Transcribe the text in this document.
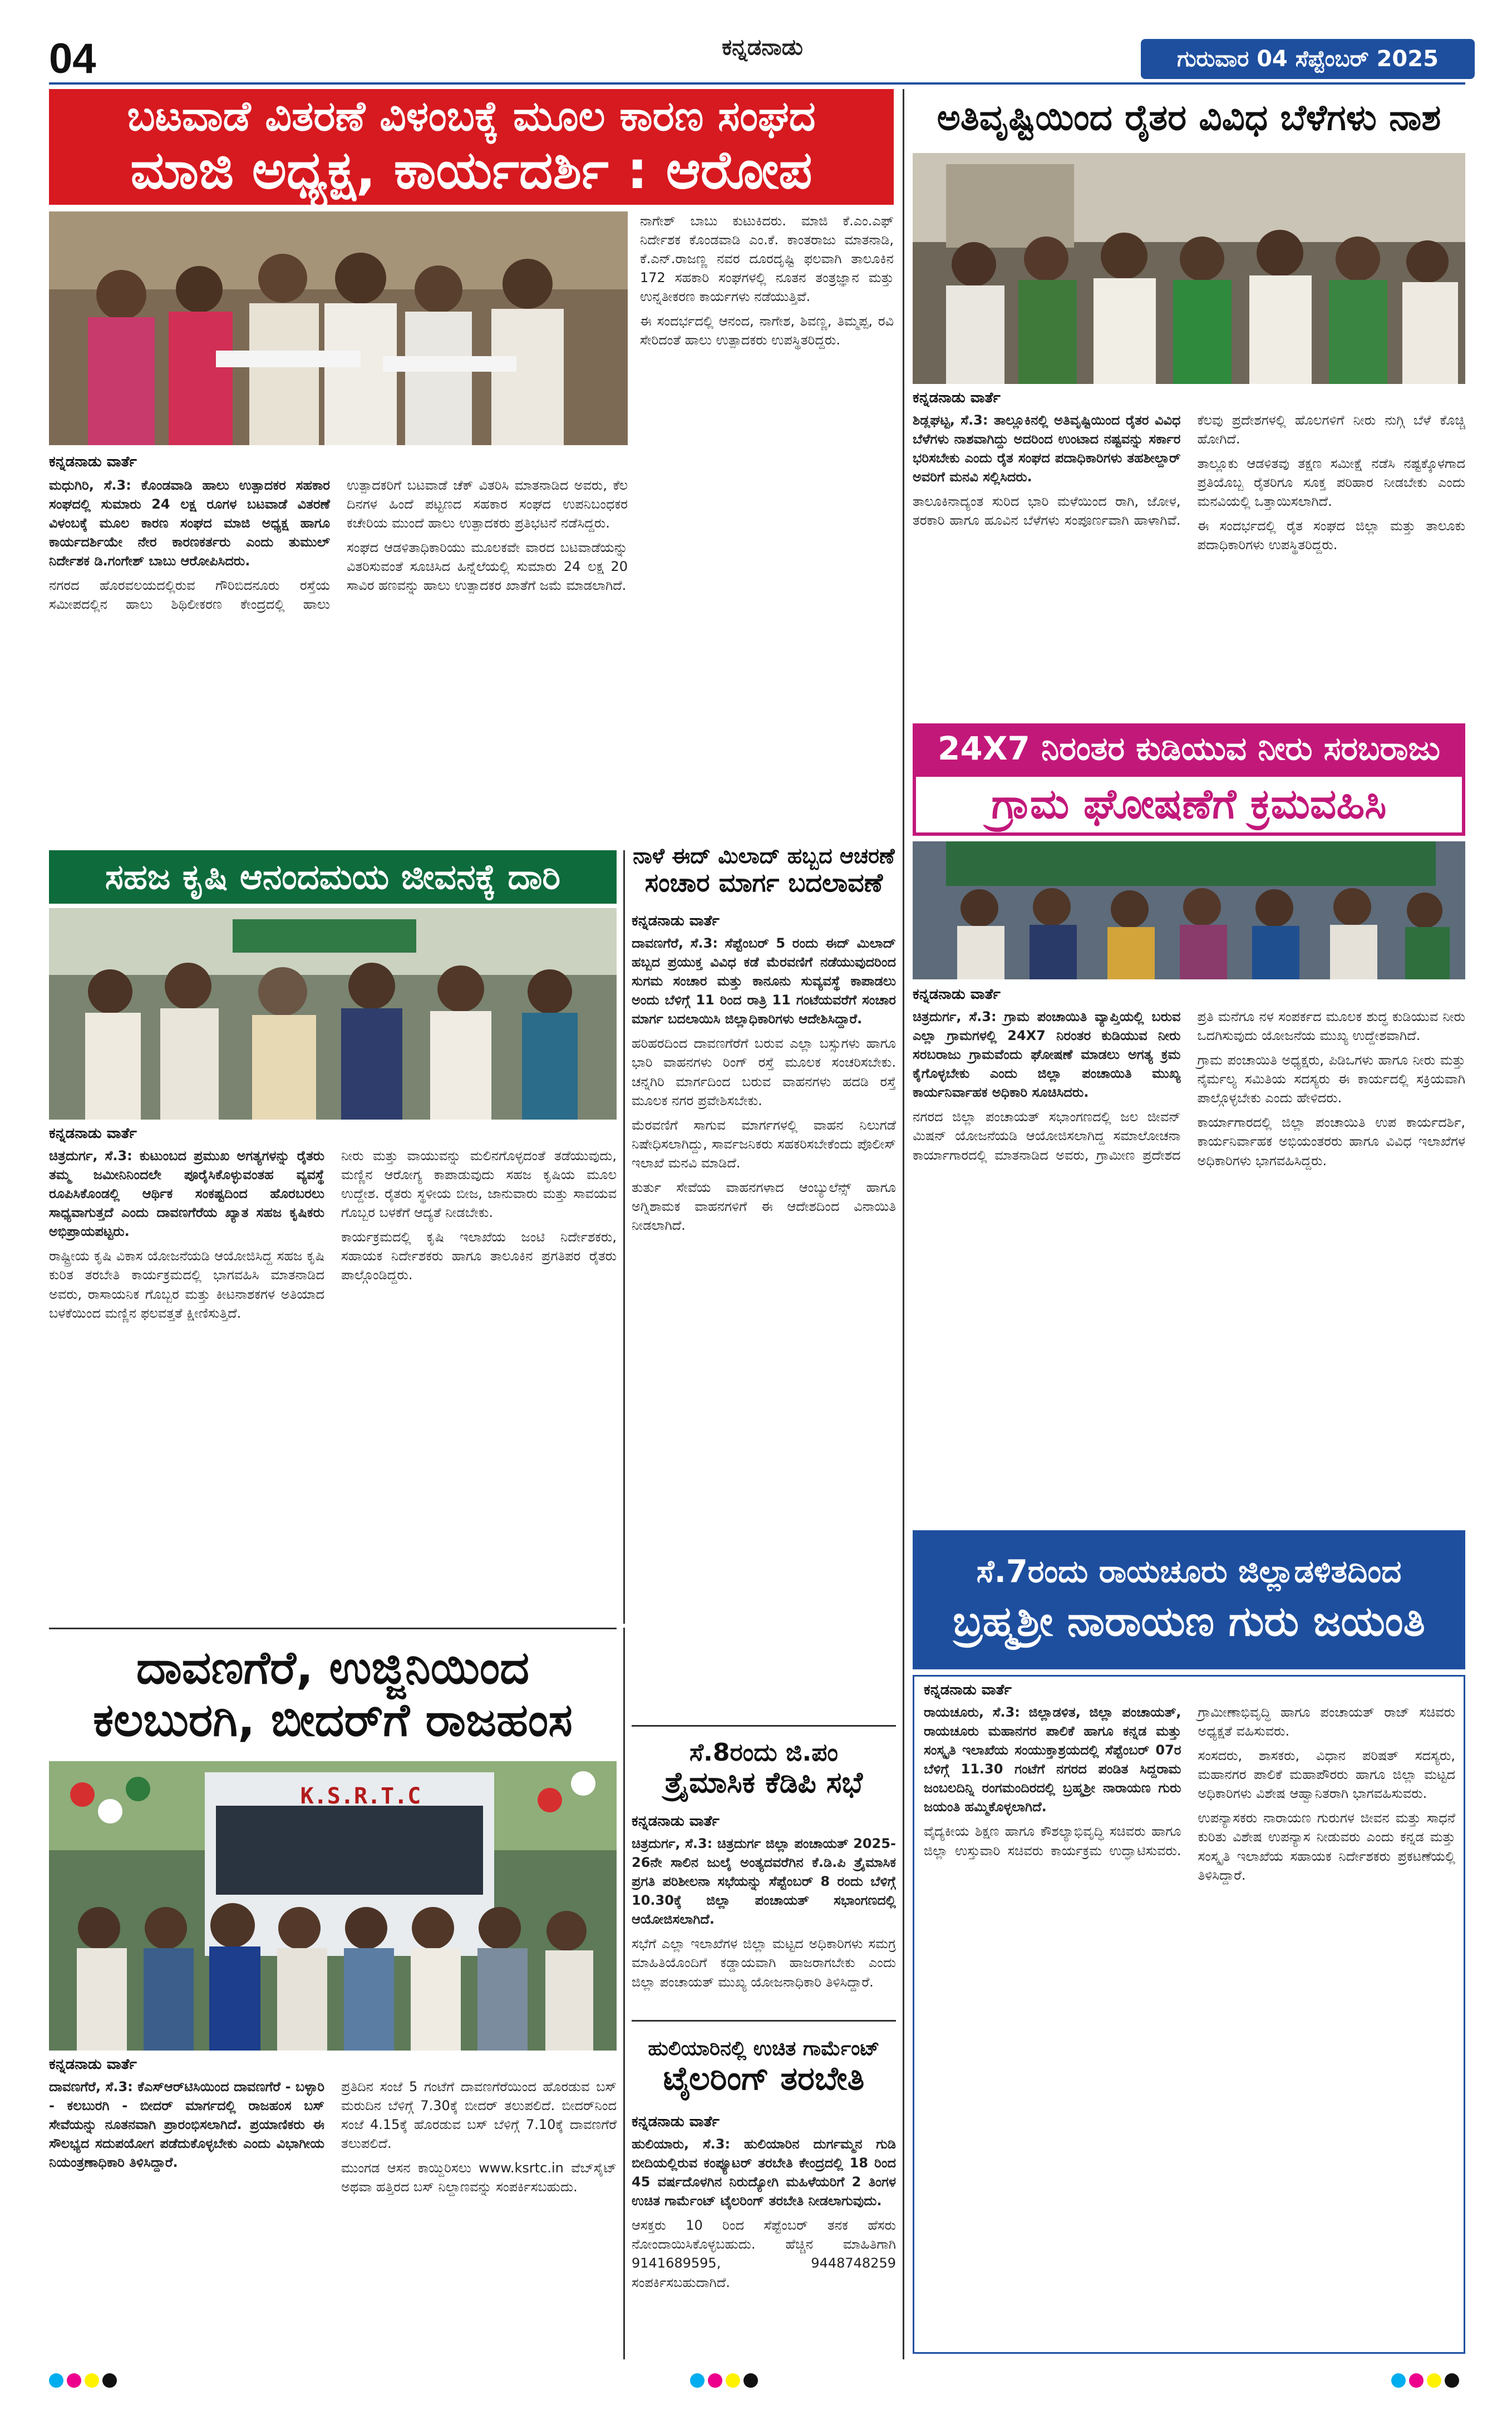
04	ಕನ್ನಡನಾಡು	ಗುರುವಾರ 04 ಸೆಪ್ಟೆಂಬರ್ 2025
ಬಟವಾಡೆ ವಿತರಣೆ ವಿಳಂಬಕ್ಕೆ ಮೂಲ ಕಾರಣ ಸಂಘದ
ಮಾಜಿ ಅಧ್ಯಕ್ಷ, ಕಾರ್ಯದರ್ಶಿ : ಆರೋಪ
ಕನ್ನಡನಾಡು ವಾರ್ತೆ

ಮಧುಗಿರಿ, ಸೆ.3: ಕೊಂಡವಾಡಿ ಹಾಲು ಉತ್ಪಾದಕರ ಸಹಕಾರ ಸಂಘದಲ್ಲಿ ಸುಮಾರು 24 ಲಕ್ಷ ರೂಗಳ ಬಟವಾಡೆ ವಿತರಣೆ ವಿಳಂಬಕ್ಕೆ ಮೂಲ ಕಾರಣ ಸಂಘದ ಮಾಜಿ ಅಧ್ಯಕ್ಷ ಹಾಗೂ ಕಾರ್ಯದರ್ಶಿಯೇ ನೇರ ಕಾರಣಕರ್ತರು ಎಂದು ತುಮುಲ್ ನಿರ್ದೇಶಕ ಡಿ.ಗಂಗೇಶ್ ಬಾಬು ಆರೋಪಿಸಿದರು.

ನಗರದ ಹೊರವಲಯದಲ್ಲಿರುವ ಗೌರಿಬಿದನೂರು ರಸ್ತೆಯ ಸಮೀಪದಲ್ಲಿನ ಹಾಲು ಶಿಥಿಲೀಕರಣ ಕೇಂದ್ರದಲ್ಲಿ ಹಾಲು ಉತ್ಪಾದಕರಿಗೆ ಬಟವಾಡೆ ಚೆಕ್ ವಿತರಿಸಿ ಮಾತನಾಡಿದ ಅವರು, ಕೆಲ ದಿನಗಳ ಹಿಂದೆ ಪಟ್ಟಣದ ಸಹಕಾರ ಸಂಘದ ಉಪನಿಬಂಧಕರ ಕಚೇರಿಯ ಮುಂದೆ ಹಾಲು ಉತ್ಪಾದಕರು ಪ್ರತಿಭಟನೆ ನಡೆಸಿದ್ದರು.

ಸಂಘದ ಆಡಳಿತಾಧಿಕಾರಿಯು ಮೂಲಕವೇ ವಾರದ ಬಟವಾಡೆಯನ್ನು ವಿತರಿಸುವಂತೆ ಸೂಚಿಸಿದ ಹಿನ್ನೆಲೆಯಲ್ಲಿ ಸುಮಾರು 24 ಲಕ್ಷ 20 ಸಾವಿರ ಹಣವನ್ನು ಹಾಲು ಉತ್ಪಾದಕರ ಖಾತೆಗೆ ಜಮೆ ಮಾಡಲಾಗಿದೆ.

ನಾಗೇಶ್ ಬಾಬು ಕುಟುಕಿದರು. ಮಾಜಿ ಕೆ.ಎಂ.ಎಫ್ ನಿರ್ದೇಶಕ ಕೊಂಡವಾಡಿ ಎಂ.ಕೆ. ಕಾಂತರಾಜು ಮಾತನಾಡಿ, ಕೆ.ಎನ್.ರಾಜಣ್ಣ ನವರ ದೂರದೃಷ್ಟಿ ಫಲವಾಗಿ ತಾಲೂಕಿನ 172 ಸಹಕಾರಿ ಸಂಘಗಳಲ್ಲಿ ನೂತನ ತಂತ್ರಜ್ಞಾನ ಮತ್ತು ಉನ್ನತೀಕರಣ ಕಾರ್ಯಗಳು ನಡೆಯುತ್ತಿವೆ.

ಈ ಸಂದರ್ಭದಲ್ಲಿ ಆನಂದ, ನಾಗೇಶ, ಶಿವಣ್ಣ, ತಿಮ್ಮಪ್ಪ, ರವಿ ಸೇರಿದಂತೆ ಹಾಲು ಉತ್ಪಾದಕರು ಉಪಸ್ಥಿತರಿದ್ದರು.

ಅತಿವೃಷ್ಟಿಯಿಂದ ರೈತರ ವಿವಿಧ ಬೆಳೆಗಳು ನಾಶ
ಕನ್ನಡನಾಡು ವಾರ್ತೆ

ಶಿಡ್ಲಘಟ್ಟ, ಸೆ.3: ತಾಲ್ಲೂಕಿನಲ್ಲಿ ಅತಿವೃಷ್ಟಿಯಿಂದ ರೈತರ ವಿವಿಧ ಬೆಳೆಗಳು ನಾಶವಾಗಿದ್ದು ಅದರಿಂದ ಉಂಟಾದ ನಷ್ಟವನ್ನು ಸರ್ಕಾರ ಭರಿಸಬೇಕು ಎಂದು ರೈತ ಸಂಘದ ಪದಾಧಿಕಾರಿಗಳು ತಹಶೀಲ್ದಾರ್ ಅವರಿಗೆ ಮನವಿ ಸಲ್ಲಿಸಿದರು.

ತಾಲೂಕಿನಾದ್ಯಂತ ಸುರಿದ ಭಾರಿ ಮಳೆಯಿಂದ ರಾಗಿ, ಜೋಳ, ತರಕಾರಿ ಹಾಗೂ ಹೂವಿನ ಬೆಳೆಗಳು ಸಂಪೂರ್ಣವಾಗಿ ಹಾಳಾಗಿವೆ. ಕೆಲವು ಪ್ರದೇಶಗಳಲ್ಲಿ ಹೊಲಗಳಿಗೆ ನೀರು ನುಗ್ಗಿ ಬೆಳೆ ಕೊಚ್ಚಿ ಹೋಗಿದೆ.

ತಾಲ್ಲೂಕು ಆಡಳಿತವು ತಕ್ಷಣ ಸಮೀಕ್ಷೆ ನಡೆಸಿ ನಷ್ಟಕ್ಕೊಳಗಾದ ಪ್ರತಿಯೊಬ್ಬ ರೈತರಿಗೂ ಸೂಕ್ತ ಪರಿಹಾರ ನೀಡಬೇಕು ಎಂದು ಮನವಿಯಲ್ಲಿ ಒತ್ತಾಯಿಸಲಾಗಿದೆ.

ಈ ಸಂದರ್ಭದಲ್ಲಿ ರೈತ ಸಂಘದ ಜಿಲ್ಲಾ ಮತ್ತು ತಾಲೂಕು ಪದಾಧಿಕಾರಿಗಳು ಉಪಸ್ಥಿತರಿದ್ದರು.

24X7 ನಿರಂತರ ಕುಡಿಯುವ ನೀರು ಸರಬರಾಜು
ಗ್ರಾಮ ಘೋಷಣೆಗೆ ಕ್ರಮವಹಿಸಿ
ಕನ್ನಡನಾಡು ವಾರ್ತೆ

ಚಿತ್ರದುರ್ಗ, ಸೆ.3: ಗ್ರಾಮ ಪಂಚಾಯಿತಿ ವ್ಯಾಪ್ತಿಯಲ್ಲಿ ಬರುವ ಎಲ್ಲಾ ಗ್ರಾಮಗಳಲ್ಲಿ 24X7 ನಿರಂತರ ಕುಡಿಯುವ ನೀರು ಸರಬರಾಜು ಗ್ರಾಮವೆಂದು ಘೋಷಣೆ ಮಾಡಲು ಅಗತ್ಯ ಕ್ರಮ ಕೈಗೊಳ್ಳಬೇಕು ಎಂದು ಜಿಲ್ಲಾ ಪಂಚಾಯಿತಿ ಮುಖ್ಯ ಕಾರ್ಯನಿರ್ವಾಹಕ ಅಧಿಕಾರಿ ಸೂಚಿಸಿದರು.

ನಗರದ ಜಿಲ್ಲಾ ಪಂಚಾಯತ್ ಸಭಾಂಗಣದಲ್ಲಿ ಜಲ ಜೀವನ್ ಮಿಷನ್ ಯೋಜನೆಯಡಿ ಆಯೋಜಿಸಲಾಗಿದ್ದ ಸಮಾಲೋಚನಾ ಕಾರ್ಯಾಗಾರದಲ್ಲಿ ಮಾತನಾಡಿದ ಅವರು, ಗ್ರಾಮೀಣ ಪ್ರದೇಶದ ಪ್ರತಿ ಮನೆಗೂ ನಳ ಸಂಪರ್ಕದ ಮೂಲಕ ಶುದ್ಧ ಕುಡಿಯುವ ನೀರು ಒದಗಿಸುವುದು ಯೋಜನೆಯ ಮುಖ್ಯ ಉದ್ದೇಶವಾಗಿದೆ.

ಗ್ರಾಮ ಪಂಚಾಯಿತಿ ಅಧ್ಯಕ್ಷರು, ಪಿಡಿಒಗಳು ಹಾಗೂ ನೀರು ಮತ್ತು ನೈರ್ಮಲ್ಯ ಸಮಿತಿಯ ಸದಸ್ಯರು ಈ ಕಾರ್ಯದಲ್ಲಿ ಸಕ್ರಿಯವಾಗಿ ಪಾಲ್ಗೊಳ್ಳಬೇಕು ಎಂದು ಹೇಳಿದರು.

ಕಾರ್ಯಾಗಾರದಲ್ಲಿ ಜಿಲ್ಲಾ ಪಂಚಾಯಿತಿ ಉಪ ಕಾರ್ಯದರ್ಶಿ, ಕಾರ್ಯನಿರ್ವಾಹಕ ಅಭಿಯಂತರರು ಹಾಗೂ ವಿವಿಧ ಇಲಾಖೆಗಳ ಅಧಿಕಾರಿಗಳು ಭಾಗವಹಿಸಿದ್ದರು.

ಸಹಜ ಕೃಷಿ ಆನಂದಮಯ ಜೀವನಕ್ಕೆ ದಾರಿ
ಕನ್ನಡನಾಡು ವಾರ್ತೆ

ಚಿತ್ರದುರ್ಗ, ಸೆ.3: ಕುಟುಂಬದ ಪ್ರಮುಖ ಅಗತ್ಯಗಳನ್ನು ರೈತರು ತಮ್ಮ ಜಮೀನಿನಿಂದಲೇ ಪೂರೈಸಿಕೊಳ್ಳುವಂತಹ ವ್ಯವಸ್ಥೆ ರೂಪಿಸಿಕೊಂಡಲ್ಲಿ ಆರ್ಥಿಕ ಸಂಕಷ್ಟದಿಂದ ಹೊರಬರಲು ಸಾಧ್ಯವಾಗುತ್ತದೆ ಎಂದು ದಾವಣಗೆರೆಯ ಖ್ಯಾತ ಸಹಜ ಕೃಷಿಕರು ಅಭಿಪ್ರಾಯಪಟ್ಟರು.

ರಾಷ್ಟ್ರೀಯ ಕೃಷಿ ವಿಕಾಸ ಯೋಜನೆಯಡಿ ಆಯೋಜಿಸಿದ್ದ ಸಹಜ ಕೃಷಿ ಕುರಿತ ತರಬೇತಿ ಕಾರ್ಯಕ್ರಮದಲ್ಲಿ ಭಾಗವಹಿಸಿ ಮಾತನಾಡಿದ ಅವರು, ರಾಸಾಯನಿಕ ಗೊಬ್ಬರ ಮತ್ತು ಕೀಟನಾಶಕಗಳ ಅತಿಯಾದ ಬಳಕೆಯಿಂದ ಮಣ್ಣಿನ ಫಲವತ್ತತೆ ಕ್ಷೀಣಿಸುತ್ತಿದೆ.

ನೀರು ಮತ್ತು ವಾಯುವನ್ನು ಮಲಿನಗೊಳ್ಳದಂತೆ ತಡೆಯುವುದು, ಮಣ್ಣಿನ ಆರೋಗ್ಯ ಕಾಪಾಡುವುದು ಸಹಜ ಕೃಷಿಯ ಮೂಲ ಉದ್ದೇಶ. ರೈತರು ಸ್ಥಳೀಯ ಬೀಜ, ಜಾನುವಾರು ಮತ್ತು ಸಾವಯವ ಗೊಬ್ಬರ ಬಳಕೆಗೆ ಆದ್ಯತೆ ನೀಡಬೇಕು.

ಕಾರ್ಯಕ್ರಮದಲ್ಲಿ ಕೃಷಿ ಇಲಾಖೆಯ ಜಂಟಿ ನಿರ್ದೇಶಕರು, ಸಹಾಯಕ ನಿರ್ದೇಶಕರು ಹಾಗೂ ತಾಲೂಕಿನ ಪ್ರಗತಿಪರ ರೈತರು ಪಾಲ್ಗೊಂಡಿದ್ದರು.

ನಾಳೆ ಈದ್ ಮಿಲಾದ್ ಹಬ್ಬದ ಆಚರಣೆ
ಸಂಚಾರ ಮಾರ್ಗ ಬದಲಾವಣೆ
ಕನ್ನಡನಾಡು ವಾರ್ತೆ

ದಾವಣಗೆರೆ, ಸೆ.3: ಸೆಪ್ಟೆಂಬರ್ 5 ರಂದು ಈದ್ ಮಿಲಾದ್ ಹಬ್ಬದ ಪ್ರಯುಕ್ತ ವಿವಿಧ ಕಡೆ ಮೆರವಣಿಗೆ ನಡೆಯುವುದರಿಂದ ಸುಗಮ ಸಂಚಾರ ಮತ್ತು ಕಾನೂನು ಸುವ್ಯವಸ್ಥೆ ಕಾಪಾಡಲು ಅಂದು ಬೆಳಿಗ್ಗೆ 11 ರಿಂದ ರಾತ್ರಿ 11 ಗಂಟೆಯವರೆಗೆ ಸಂಚಾರ ಮಾರ್ಗ ಬದಲಾಯಿಸಿ ಜಿಲ್ಲಾಧಿಕಾರಿಗಳು ಆದೇಶಿಸಿದ್ದಾರೆ.

ಹರಿಹರದಿಂದ ದಾವಣಗೆರೆಗೆ ಬರುವ ಎಲ್ಲಾ ಬಸ್ಸುಗಳು ಹಾಗೂ ಭಾರಿ ವಾಹನಗಳು ರಿಂಗ್ ರಸ್ತೆ ಮೂಲಕ ಸಂಚರಿಸಬೇಕು. ಚನ್ನಗಿರಿ ಮಾರ್ಗದಿಂದ ಬರುವ ವಾಹನಗಳು ಹದಡಿ ರಸ್ತೆ ಮೂಲಕ ನಗರ ಪ್ರವೇಶಿಸಬೇಕು.

ಮೆರವಣಿಗೆ ಸಾಗುವ ಮಾರ್ಗಗಳಲ್ಲಿ ವಾಹನ ನಿಲುಗಡೆ ನಿಷೇಧಿಸಲಾಗಿದ್ದು, ಸಾರ್ವಜನಿಕರು ಸಹಕರಿಸಬೇಕೆಂದು ಪೊಲೀಸ್ ಇಲಾಖೆ ಮನವಿ ಮಾಡಿದೆ.

ತುರ್ತು ಸೇವೆಯ ವಾಹನಗಳಾದ ಆಂಬ್ಯುಲೆನ್ಸ್ ಹಾಗೂ ಅಗ್ನಿಶಾಮಕ ವಾಹನಗಳಿಗೆ ಈ ಆದೇಶದಿಂದ ವಿನಾಯಿತಿ ನೀಡಲಾಗಿದೆ.

ದಾವಣಗೆರೆ, ಉಜ್ಜಿನಿಯಿಂದ
ಕಲಬುರಗಿ, ಬೀದರ್‌ಗೆ ರಾಜಹಂಸ
K.S.R.T.C
ಕನ್ನಡನಾಡು ವಾರ್ತೆ

ದಾವಣಗೆರೆ, ಸೆ.3: ಕೆಎಸ್‌ಆರ್‌ಟಿಸಿಯಿಂದ ದಾವಣಗೆರೆ - ಬಳ್ಳಾರಿ - ಕಲಬುರಗಿ - ಬೀದರ್ ಮಾರ್ಗದಲ್ಲಿ ರಾಜಹಂಸ ಬಸ್ ಸೇವೆಯನ್ನು ನೂತನವಾಗಿ ಪ್ರಾರಂಭಿಸಲಾಗಿದೆ. ಪ್ರಯಾಣಿಕರು ಈ ಸೌಲಭ್ಯದ ಸದುಪಯೋಗ ಪಡೆದುಕೊಳ್ಳಬೇಕು ಎಂದು ವಿಭಾಗೀಯ ನಿಯಂತ್ರಣಾಧಿಕಾರಿ ತಿಳಿಸಿದ್ದಾರೆ.

ಪ್ರತಿದಿನ ಸಂಜೆ 5 ಗಂಟೆಗೆ ದಾವಣಗೆರೆಯಿಂದ ಹೊರಡುವ ಬಸ್ ಮರುದಿನ ಬೆಳಿಗ್ಗೆ 7.30ಕ್ಕೆ ಬೀದರ್ ತಲುಪಲಿದೆ. ಬೀದರ್‌ನಿಂದ ಸಂಜೆ 4.15ಕ್ಕೆ ಹೊರಡುವ ಬಸ್ ಬೆಳಿಗ್ಗೆ 7.10ಕ್ಕೆ ದಾವಣಗೆರೆ ತಲುಪಲಿದೆ.

ಮುಂಗಡ ಆಸನ ಕಾಯ್ದಿರಿಸಲು www.ksrtc.in ವೆಬ್‌ಸೈಟ್ ಅಥವಾ ಹತ್ತಿರದ ಬಸ್ ನಿಲ್ದಾಣವನ್ನು ಸಂಪರ್ಕಿಸಬಹುದು.

ಸೆ.8ರಂದು ಜಿ.ಪಂ
ತ್ರೈಮಾಸಿಕ ಕೆಡಿಪಿ ಸಭೆ
ಕನ್ನಡನಾಡು ವಾರ್ತೆ

ಚಿತ್ರದುರ್ಗ, ಸೆ.3: ಚಿತ್ರದುರ್ಗ ಜಿಲ್ಲಾ ಪಂಚಾಯತ್ 2025-26ನೇ ಸಾಲಿನ ಜುಲೈ ಅಂತ್ಯದವರೆಗಿನ ಕೆ.ಡಿ.ಪಿ ತ್ರೈಮಾಸಿಕ ಪ್ರಗತಿ ಪರಿಶೀಲನಾ ಸಭೆಯನ್ನು ಸೆಪ್ಟೆಂಬರ್ 8 ರಂದು ಬೆಳಿಗ್ಗೆ 10.30ಕ್ಕೆ ಜಿಲ್ಲಾ ಪಂಚಾಯತ್ ಸಭಾಂಗಣದಲ್ಲಿ ಆಯೋಜಿಸಲಾಗಿದೆ.

ಸಭೆಗೆ ಎಲ್ಲಾ ಇಲಾಖೆಗಳ ಜಿಲ್ಲಾ ಮಟ್ಟದ ಅಧಿಕಾರಿಗಳು ಸಮಗ್ರ ಮಾಹಿತಿಯೊಂದಿಗೆ ಕಡ್ಡಾಯವಾಗಿ ಹಾಜರಾಗಬೇಕು ಎಂದು ಜಿಲ್ಲಾ ಪಂಚಾಯತ್ ಮುಖ್ಯ ಯೋಜನಾಧಿಕಾರಿ ತಿಳಿಸಿದ್ದಾರೆ.

ಹುಲಿಯಾರಿನಲ್ಲಿ ಉಚಿತ ಗಾರ್ಮೆಂಟ್
ಟೈಲರಿಂಗ್ ತರಬೇತಿ
ಕನ್ನಡನಾಡು ವಾರ್ತೆ

ಹುಲಿಯಾರು, ಸೆ.3: ಹುಲಿಯಾರಿನ ದುರ್ಗಮ್ಮನ ಗುಡಿ ಬೀದಿಯಲ್ಲಿರುವ ಕಂಪ್ಯೂಟರ್ ತರಬೇತಿ ಕೇಂದ್ರದಲ್ಲಿ 18 ರಿಂದ 45 ವರ್ಷದೊಳಗಿನ ನಿರುದ್ಯೋಗಿ ಮಹಿಳೆಯರಿಗೆ 2 ತಿಂಗಳ ಉಚಿತ ಗಾರ್ಮೆಂಟ್ ಟೈಲರಿಂಗ್ ತರಬೇತಿ ನೀಡಲಾಗುವುದು.

ಆಸಕ್ತರು 10 ರಿಂದ ಸೆಪ್ಟೆಂಬರ್ ತನಕ ಹೆಸರು ನೋಂದಾಯಿಸಿಕೊಳ್ಳಬಹುದು. ಹೆಚ್ಚಿನ ಮಾಹಿತಿಗಾಗಿ 9141689595, 9448748259 ಸಂಪರ್ಕಿಸಬಹುದಾಗಿದೆ.

ಸೆ.7ರಂದು ರಾಯಚೂರು ಜಿಲ್ಲಾಡಳಿತದಿಂದ
ಬ್ರಹ್ಮಶ್ರೀ ನಾರಾಯಣ ಗುರು ಜಯಂತಿ
ಕನ್ನಡನಾಡು ವಾರ್ತೆ

ರಾಯಚೂರು, ಸೆ.3: ಜಿಲ್ಲಾಡಳಿತ, ಜಿಲ್ಲಾ ಪಂಚಾಯತ್, ರಾಯಚೂರು ಮಹಾನಗರ ಪಾಲಿಕೆ ಹಾಗೂ ಕನ್ನಡ ಮತ್ತು ಸಂಸ್ಕೃತಿ ಇಲಾಖೆಯ ಸಂಯುಕ್ತಾಶ್ರಯದಲ್ಲಿ ಸೆಪ್ಟೆಂಬರ್ 07ರ ಬೆಳಿಗ್ಗೆ 11.30 ಗಂಟೆಗೆ ನಗರದ ಪಂಡಿತ ಸಿದ್ದರಾಮ ಜಂಬಲದಿನ್ನಿ ರಂಗಮಂದಿರದಲ್ಲಿ ಬ್ರಹ್ಮಶ್ರೀ ನಾರಾಯಣ ಗುರು ಜಯಂತಿ ಹಮ್ಮಿಕೊಳ್ಳಲಾಗಿದೆ.

ವೈದ್ಯಕೀಯ ಶಿಕ್ಷಣ ಹಾಗೂ ಕೌಶಲ್ಯಾಭಿವೃದ್ಧಿ ಸಚಿವರು ಹಾಗೂ ಜಿಲ್ಲಾ ಉಸ್ತುವಾರಿ ಸಚಿವರು ಕಾರ್ಯಕ್ರಮ ಉದ್ಘಾಟಿಸುವರು. ಗ್ರಾಮೀಣಾಭಿವೃದ್ಧಿ ಹಾಗೂ ಪಂಚಾಯತ್ ರಾಜ್ ಸಚಿವರು ಅಧ್ಯಕ್ಷತೆ ವಹಿಸುವರು.

ಸಂಸದರು, ಶಾಸಕರು, ವಿಧಾನ ಪರಿಷತ್ ಸದಸ್ಯರು, ಮಹಾನಗರ ಪಾಲಿಕೆ ಮಹಾಪೌರರು ಹಾಗೂ ಜಿಲ್ಲಾ ಮಟ್ಟದ ಅಧಿಕಾರಿಗಳು ವಿಶೇಷ ಆಹ್ವಾನಿತರಾಗಿ ಭಾಗವಹಿಸುವರು.

ಉಪನ್ಯಾಸಕರು ನಾರಾಯಣ ಗುರುಗಳ ಜೀವನ ಮತ್ತು ಸಾಧನೆ ಕುರಿತು ವಿಶೇಷ ಉಪನ್ಯಾಸ ನೀಡುವರು ಎಂದು ಕನ್ನಡ ಮತ್ತು ಸಂಸ್ಕೃತಿ ಇಲಾಖೆಯ ಸಹಾಯಕ ನಿರ್ದೇಶಕರು ಪ್ರಕಟಣೆಯಲ್ಲಿ ತಿಳಿಸಿದ್ದಾರೆ.
